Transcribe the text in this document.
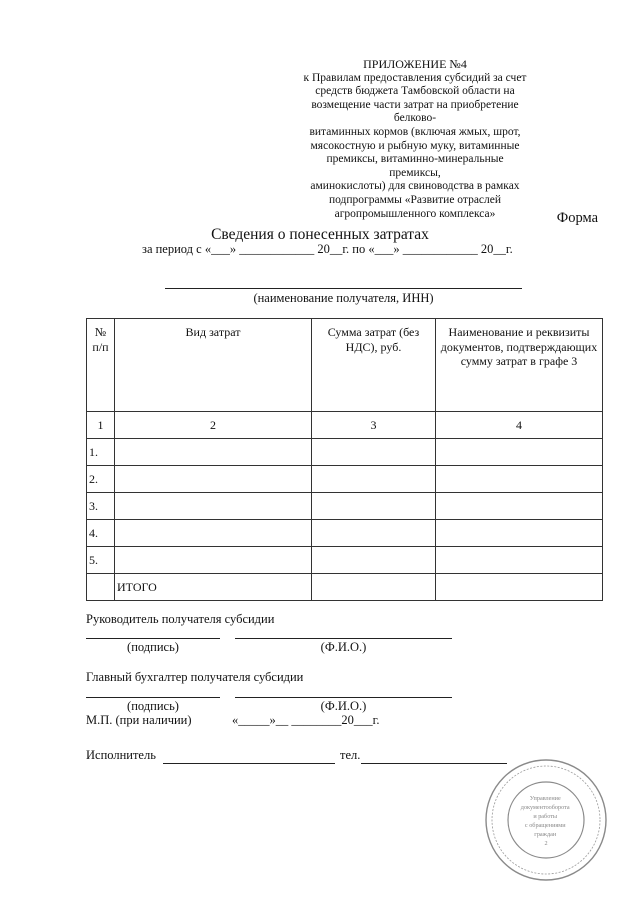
ПРИЛОЖЕНИЕ №4
к Правилам предоставления субсидий за счет
средств бюджета Тамбовской области на
возмещение части затрат на приобретение белково-
витаминных кормов (включая жмых, шрот,
мясокостную и рыбную муку, витаминные
премиксы, витаминно-минеральные премиксы,
аминокислоты) для свиноводства в рамках
подпрограммы «Развитие отраслей
агропромышленного комплекса»	Форма
Сведения о понесенных затратах
за период с «___» ____________ 20__г. по «___» ____________ 20__г.
(наименование получателя, ИНН)
№ п/п	Вид затрат	Сумма затрат (без НДС), руб.	Наименование и реквизиты документов, подтверждающих сумму затрат в графе 3
1	2	3	4
1.			
2.			
3.			
4.			
5.			
	ИТОГО		
Руководитель получателя субсидии
(подпись)	(Ф.И.О.)
Главный бухгалтер получателя субсидии
(подпись)	(Ф.И.О.)
М.П. (при наличии)	«_____»__ ________20___г.
Исполнитель	тел.
Управление документооборота и работы с обращениями граждан 2
